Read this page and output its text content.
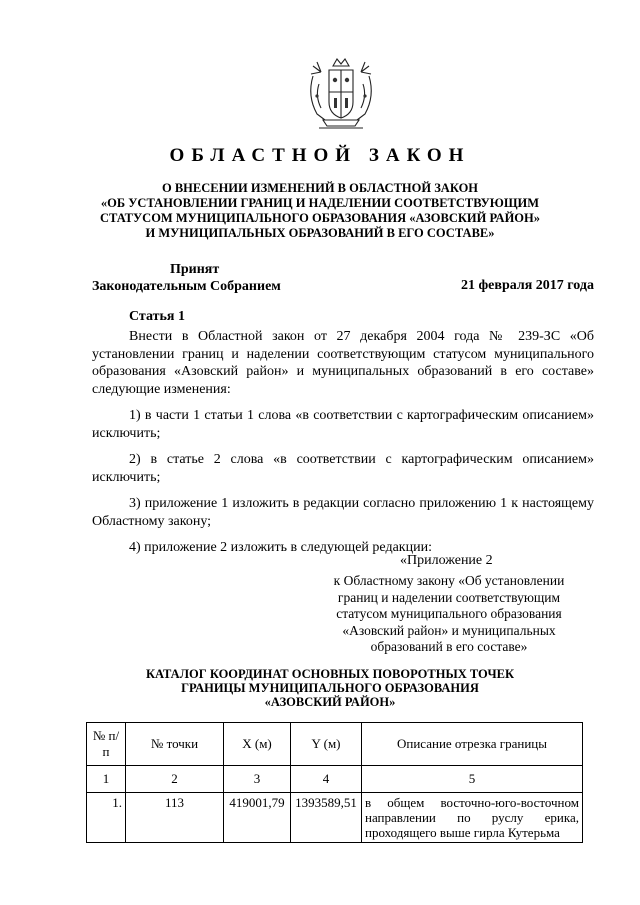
ОБЛАСТНОЙ ЗАКОН
О ВНЕСЕНИИ ИЗМЕНЕНИЙ В ОБЛАСТНОЙ ЗАКОН
«ОБ УСТАНОВЛЕНИИ ГРАНИЦ И НАДЕЛЕНИИ СООТВЕТСТВУЮЩИМ
СТАТУСОМ МУНИЦИПАЛЬНОГО ОБРАЗОВАНИЯ «АЗОВСКИЙ РАЙОН»
И МУНИЦИПАЛЬНЫХ ОБРАЗОВАНИЙ В ЕГО СОСТАВЕ»
Принят
Законодательным Собранием	21 февраля 2017 года
Статья 1

Внести в Областной закон от 27 декабря 2004 года № 239-ЗС «Об установлении границ и наделении соответствующим статусом муниципального образования «Азовский район» и муниципальных образований в его составе» следующие изменения:

1) в части 1 статьи 1 слова «в соответствии с картографическим описанием» исключить;

2) в статье 2 слова «в соответствии с картографическим описанием» исключить;

3) приложение 1 изложить в редакции согласно приложению 1 к настоящему Областному закону;

4) приложение 2 изложить в следующей редакции:

«Приложение 2
к Областному закону «Об установлении
границ и наделении соответствующим
статусом муниципального образования
«Азовский район» и муниципальных
образований в его составе»
КАТАЛОГ КООРДИНАТ ОСНОВНЫХ ПОВОРОТНЫХ ТОЧЕК
ГРАНИЦЫ МУНИЦИПАЛЬНОГО ОБРАЗОВАНИЯ
«АЗОВСКИЙ РАЙОН»
№ п/п	№ точки	X (м)	Y (м)	Описание отрезка границы
1	2	3	4	5
1.	113	419001,79	1393589,51	в общем восточно-юго-восточном направлении по руслу ерика, проходящего выше гирла Кутерьма
